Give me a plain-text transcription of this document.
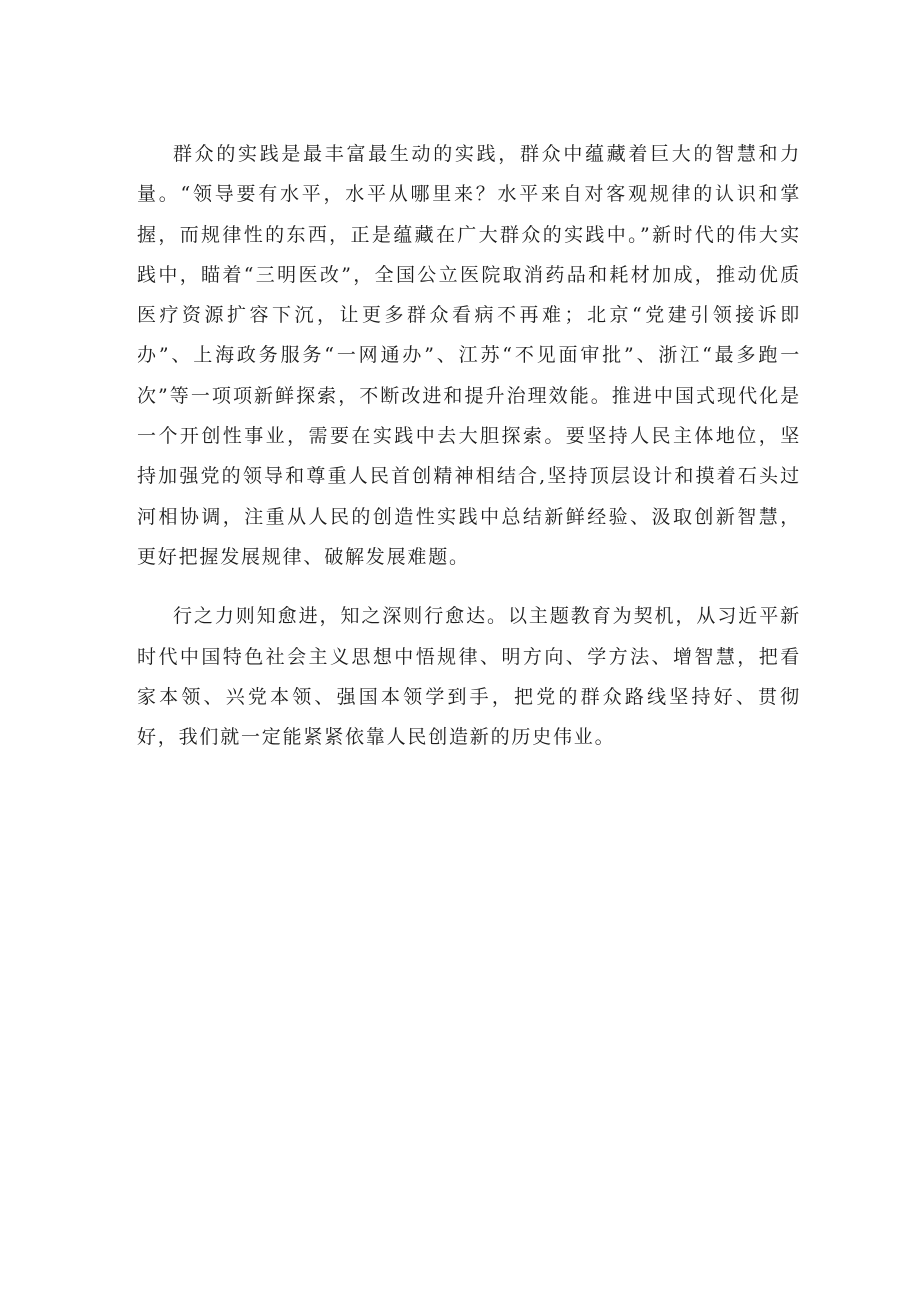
群众的实践是最丰富最生动的实践，群众中蕴藏着巨大的智慧和力量。“领导要有水平，水平从哪里来？水平来自对客观规律的认识和掌握，而规律性的东西，正是蕴藏在广大群众的实践中。”新时代的伟大实践中，瞄着“三明医改”，全国公立医院取消药品和耗材加成，推动优质医疗资源扩容下沉，让更多群众看病不再难；北京“党建引领接诉即办”、上海政务服务“一网通办”、江苏“不见面审批”、浙江“最多跑一次”等一项项新鲜探索，不断改进和提升治理效能。推进中国式现代化是一个开创性事业，需要在实践中去大胆探索。要坚持人民主体地位，坚持加强党的领导和尊重人民首创精神相结合,坚持顶层设计和摸着石头过河相协调，注重从人民的创造性实践中总结新鲜经验、汲取创新智慧，更好把握发展规律、破解发展难题。

行之力则知愈进，知之深则行愈达。以主题教育为契机，从习近平新时代中国特色社会主义思想中悟规律、明方向、学方法、增智慧，把看家本领、兴党本领、强国本领学到手，把党的群众路线坚持好、贯彻好，我们就一定能紧紧依靠人民创造新的历史伟业。
